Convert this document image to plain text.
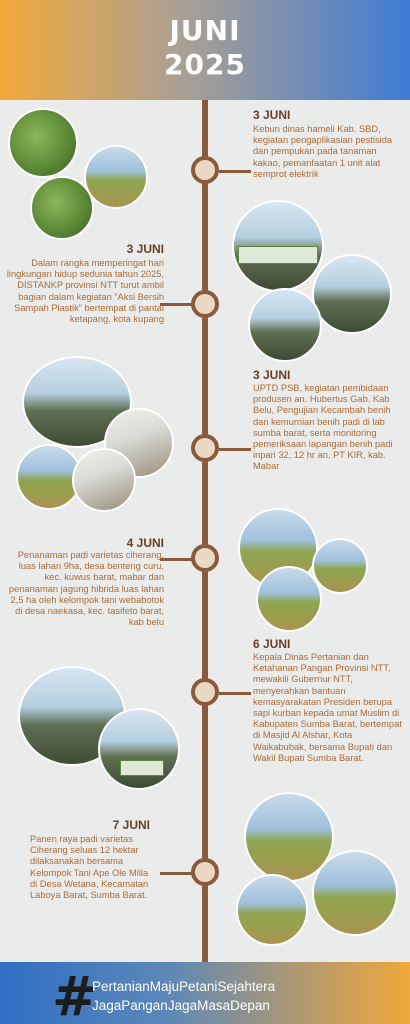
JUNI
2025
3 JUNI
Kebun dinas hameli Kab. SBD, kegiatan pengaplikasian pestisida dan pempukan pada tanaman kakao, pemanfaatan 1 unit alat semprot elektrik
3 JUNI
Dalam rangka memperingat hari lingkungan hidup sedunia tahun 2025, DISTANKP provinsi NTT turut ambil bagian dalam kegiatan “Aksi Bersih Sampah Plastik” bertempat di pantai ketapang, kota kupang
3 JUNI
UPTD PSB, kegiatan pembidaan produsen an. Hubertus Gab. Kab Belu, Pengujian Kecambah benih dan kemurnian benih padi di lab sumba barat, serta monitoring pemeriksaan lapangan benih padi inpari 32, 12 hr an. PT KIR, kab. Mabar
4 JUNI
Penanaman padi varietas ciherang, luas lahan 9ha, desa benteng curu, kec. kuwus barat, mabar dan penanaman jagung hibrida luas lahan 2,5 ha oleh kelompok tani webabotok di desa naekasa, kec. tasifeto barat, kab belu
6 JUNI
Kepala Dinas Pertanian dan Ketahanan Pangan Provinsi NTT, mewakili Gubernur NTT, menyerahkan bantuan kemasyarakatan Presiden berupa sapi kurban kepada umat Muslim di Kabupaten Sumba Barat, bertempat di Masjid Al Alshar, Kota Waikabubak, bersama Bupati dan Wakil Bupati Sumba Barat.
7 JUNI
Panen raya padi varietas Ciherang seluas 12 hektar dilaksanakan bersama Kelompok Tani Ape Ole Milla di Desa Wetana, Kecamatan Laboya Barat, Sumba Barat.
#
PertanianMajuPetaniSejahtera
JagaPanganJagaMasaDepan
